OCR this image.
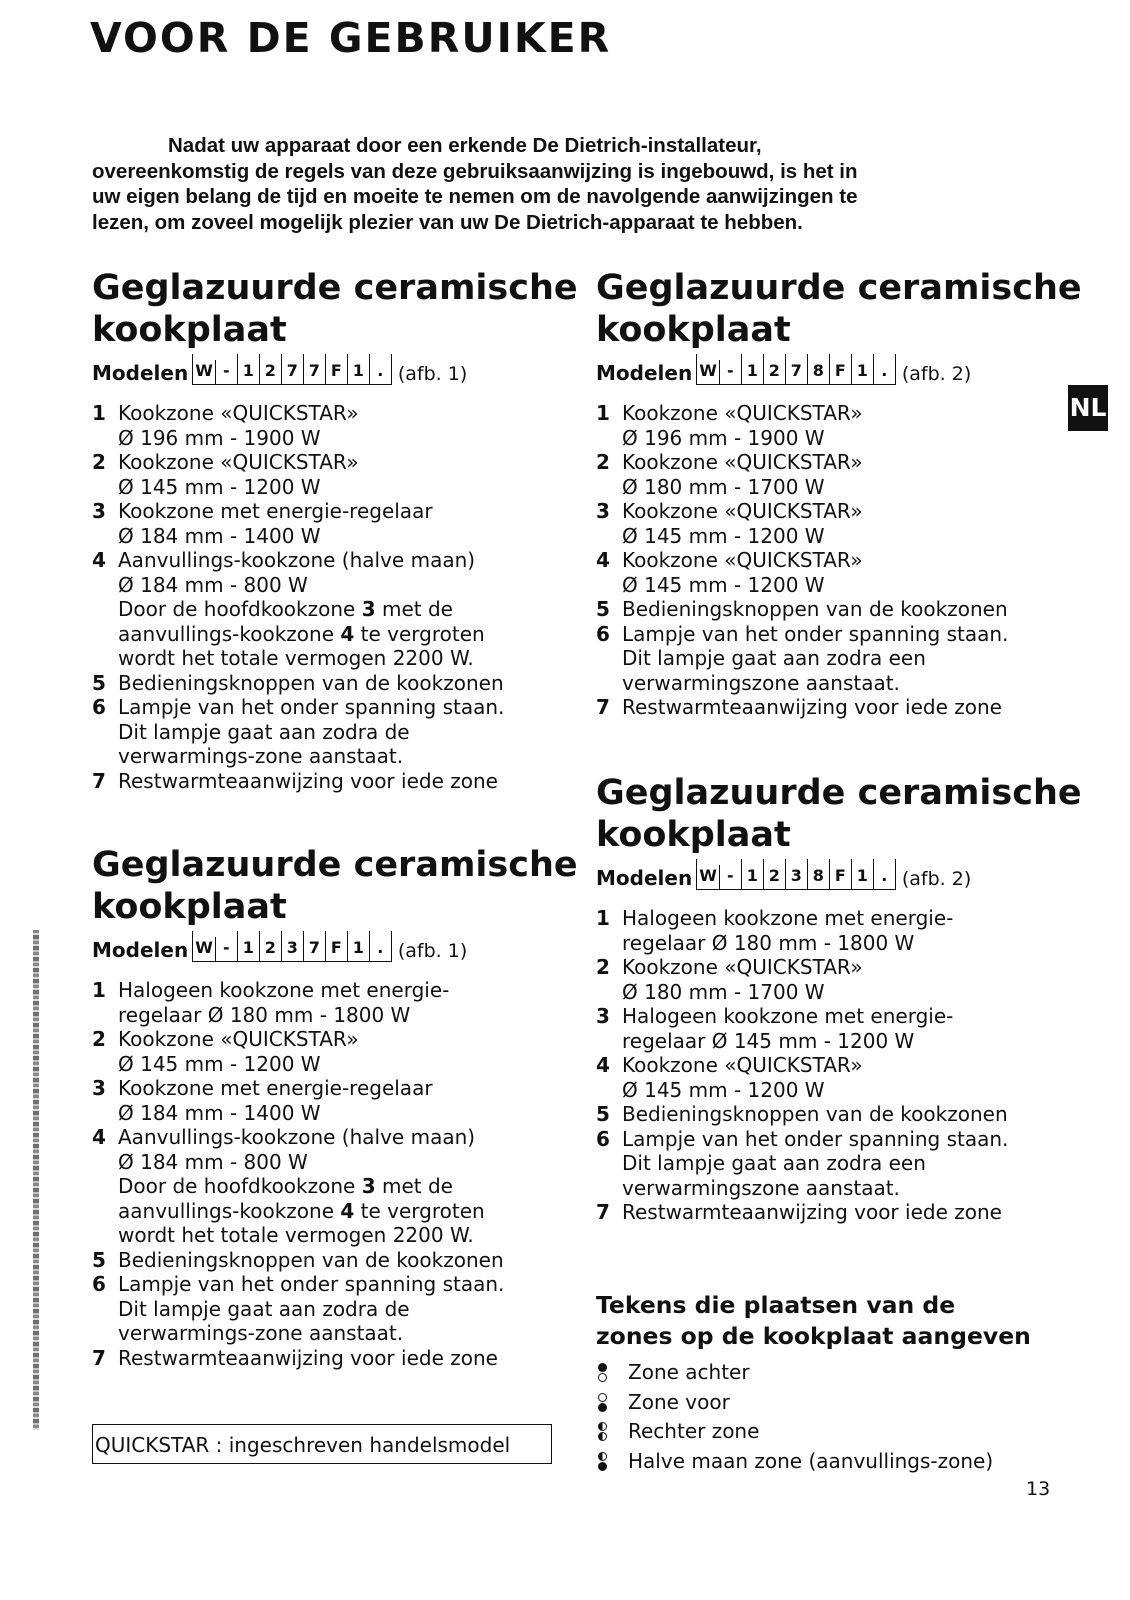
VOOR DE GEBRUIKER

Nadat uw apparaat door een erkende De Dietrich-installateur,
overeenkomstig de regels van deze gebruiksaanwijzing is ingebouwd, is het in
uw eigen belang de tijd en moeite te nemen om de navolgende aanwijzingen te
lezen, om zoveel mogelijk plezier van uw De Dietrich-apparaat te hebben.

NL
Geglazuurde ceramische
kookplaat
Modelen W - 1 2 7 7 F 1 . (afb. 1)
1 Kookzone «QUICKSTAR»
Ø 196 mm - 1900 W
2 Kookzone «QUICKSTAR»
Ø 145 mm - 1200 W
3 Kookzone met energie-regelaar
Ø 184 mm - 1400 W
4 Aanvullings-kookzone (halve maan)
Ø 184 mm - 800 W
Door de hoofdkookzone 3 met de
aanvullings-kookzone 4 te vergroten
wordt het totale vermogen 2200 W.
5 Bedieningsknoppen van de kookzonen
6 Lampje van het onder spanning staan.
Dit lampje gaat aan zodra de
verwarmings-zone aanstaat.
7 Restwarmteaanwijzing voor iede zone
Geglazuurde ceramische
kookplaat
Modelen W - 1 2 3 7 F 1 . (afb. 1)
1 Halogeen kookzone met energie-
regelaar Ø 180 mm - 1800 W
2 Kookzone «QUICKSTAR»
Ø 145 mm - 1200 W
3 Kookzone met energie-regelaar
Ø 184 mm - 1400 W
4 Aanvullings-kookzone (halve maan)
Ø 184 mm - 800 W
Door de hoofdkookzone 3 met de
aanvullings-kookzone 4 te vergroten
wordt het totale vermogen 2200 W.
5 Bedieningsknoppen van de kookzonen
6 Lampje van het onder spanning staan.
Dit lampje gaat aan zodra de
verwarmings-zone aanstaat.
7 Restwarmteaanwijzing voor iede zone
Geglazuurde ceramische
kookplaat
Modelen W - 1 2 7 8 F 1 . (afb. 2)
1 Kookzone «QUICKSTAR»
Ø 196 mm - 1900 W
2 Kookzone «QUICKSTAR»
Ø 180 mm - 1700 W
3 Kookzone «QUICKSTAR»
Ø 145 mm - 1200 W
4 Kookzone «QUICKSTAR»
Ø 145 mm - 1200 W
5 Bedieningsknoppen van de kookzonen
6 Lampje van het onder spanning staan.
Dit lampje gaat aan zodra een
verwarmingszone aanstaat.
7 Restwarmteaanwijzing voor iede zone
Geglazuurde ceramische
kookplaat
Modelen W - 1 2 3 8 F 1 . (afb. 2)
1 Halogeen kookzone met energie-
regelaar Ø 180 mm - 1800 W
2 Kookzone «QUICKSTAR»
Ø 180 mm - 1700 W
3 Halogeen kookzone met energie-
regelaar Ø 145 mm - 1200 W
4 Kookzone «QUICKSTAR»
Ø 145 mm - 1200 W
5 Bedieningsknoppen van de kookzonen
6 Lampje van het onder spanning staan.
Dit lampje gaat aan zodra een
verwarmingszone aanstaat.
7 Restwarmteaanwijzing voor iede zone
QUICKSTAR : ingeschreven handelsmodel
Tekens die plaatsen van de
zones op de kookplaat aangeven
Zone achter
Zone voor
Rechter zone
Halve maan zone (aanvullings-zone)
13
